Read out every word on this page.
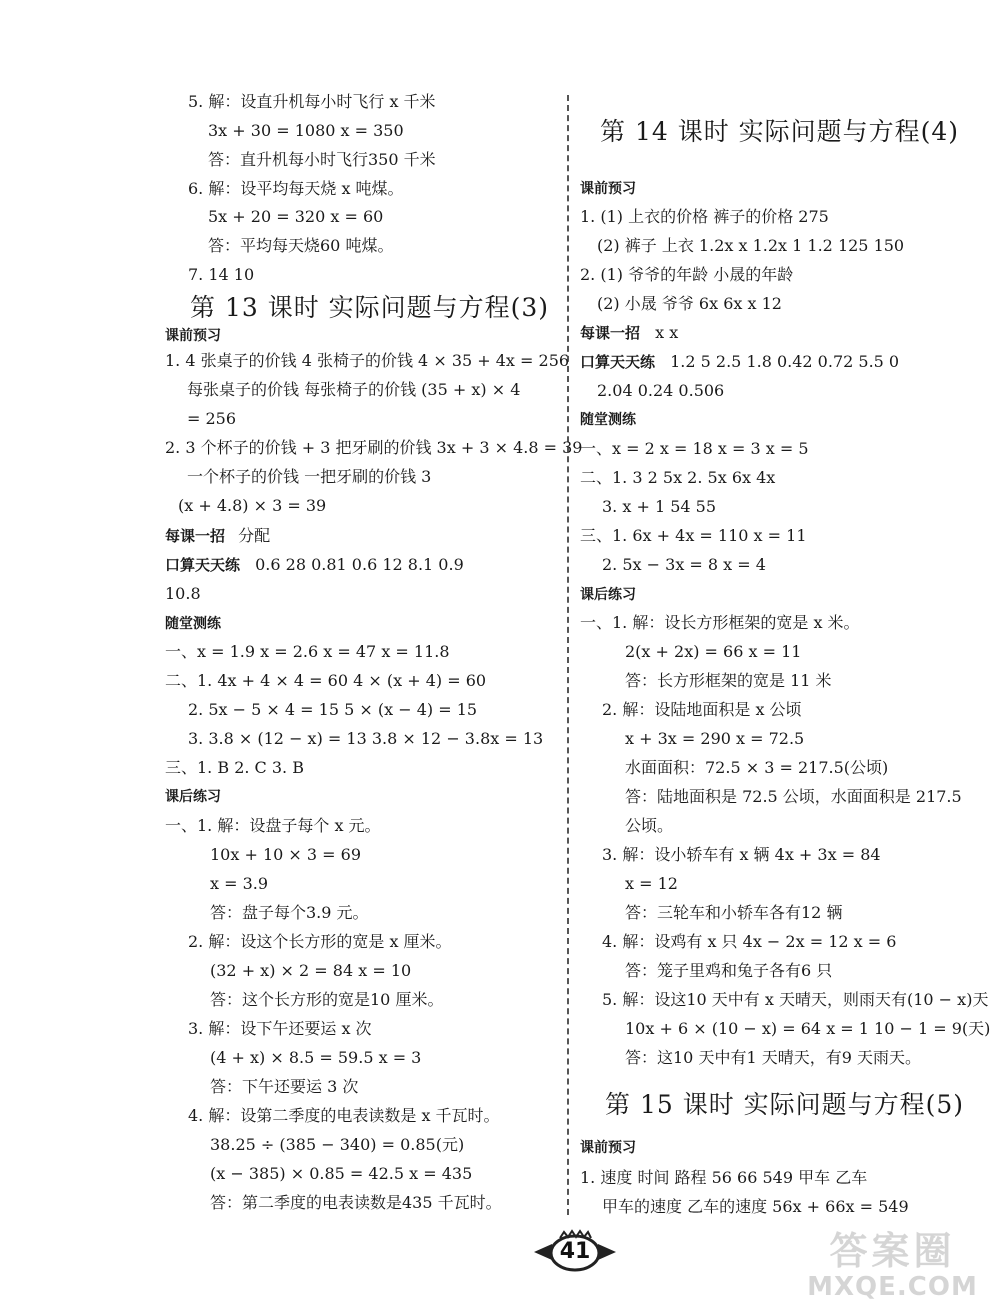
5. 解：设直升机每小时飞行 x 千米
3x + 30 = 1080 x = 350
答：直升机每小时飞行350 千米
6. 解：设平均每天烧 x 吨煤。
5x + 20 = 320 x = 60
答：平均每天烧60 吨煤。
7. 14 10
第 13 课时 实际问题与方程(3)
课前预习
1. 4 张桌子的价钱 4 张椅子的价钱 4 × 35 + 4x = 256
每张桌子的价钱 每张椅子的价钱 (35 + x) × 4
= 256
2. 3 个杯子的价钱 + 3 把牙刷的价钱 3x + 3 × 4.8 = 39
一个杯子的价钱 一把牙刷的价钱 3
(x + 4.8) × 3 = 39
每课一招 分配
口算天天练 0.6 28 0.81 0.6 12 8.1 0.9
10.8
随堂测练
一、x = 1.9 x = 2.6 x = 47 x = 11.8
二、1. 4x + 4 × 4 = 60 4 × (x + 4) = 60
2. 5x − 5 × 4 = 15 5 × (x − 4) = 15
3. 3.8 × (12 − x) = 13 3.8 × 12 − 3.8x = 13
三、1. B 2. C 3. B
课后练习
一、1. 解：设盘子每个 x 元。
10x + 10 × 3 = 69
x = 3.9
答：盘子每个3.9 元。
2. 解：设这个长方形的宽是 x 厘米。
(32 + x) × 2 = 84 x = 10
答：这个长方形的宽是10 厘米。
3. 解：设下午还要运 x 次
(4 + x) × 8.5 = 59.5 x = 3
答：下午还要运 3 次
4. 解：设第二季度的电表读数是 x 千瓦时。
38.25 ÷ (385 − 340) = 0.85(元)
(x − 385) × 0.85 = 42.5 x = 435
答：第二季度的电表读数是435 千瓦时。
第 14 课时 实际问题与方程(4)
课前预习
1. (1) 上衣的价格 裤子的价格 275
(2) 裤子 上衣 1.2x x 1.2x 1 1.2 125 150
2. (1) 爷爷的年龄 小晟的年龄
(2) 小晟 爷爷 6x 6x x 12
每课一招 x x
口算天天练 1.2 5 2.5 1.8 0.42 0.72 5.5 0
2.04 0.24 0.506
随堂测练
一、x = 2 x = 18 x = 3 x = 5
二、1. 3 2 5x 2. 5x 6x 4x
3. x + 1 54 55
三、1. 6x + 4x = 110 x = 11
2. 5x − 3x = 8 x = 4
课后练习
一、1. 解：设长方形框架的宽是 x 米。
2(x + 2x) = 66 x = 11
答：长方形框架的宽是 11 米
2. 解：设陆地面积是 x 公顷
x + 3x = 290 x = 72.5
水面面积：72.5 × 3 = 217.5(公顷)
答：陆地面积是 72.5 公顷，水面面积是 217.5
公顷。
3. 解：设小轿车有 x 辆 4x + 3x = 84
x = 12
答：三轮车和小轿车各有12 辆
4. 解：设鸡有 x 只 4x − 2x = 12 x = 6
答：笼子里鸡和兔子各有6 只
5. 解：设这10 天中有 x 天晴天，则雨天有(10 − x)天
10x + 6 × (10 − x) = 64 x = 1 10 − 1 = 9(天)
答：这10 天中有1 天晴天，有9 天雨天。
第 15 课时 实际问题与方程(5)
课前预习
1. 速度 时间 路程 56 66 549 甲车 乙车
甲车的速度 乙车的速度 56x + 66x = 549
41	答案圈
MXQE.COM
